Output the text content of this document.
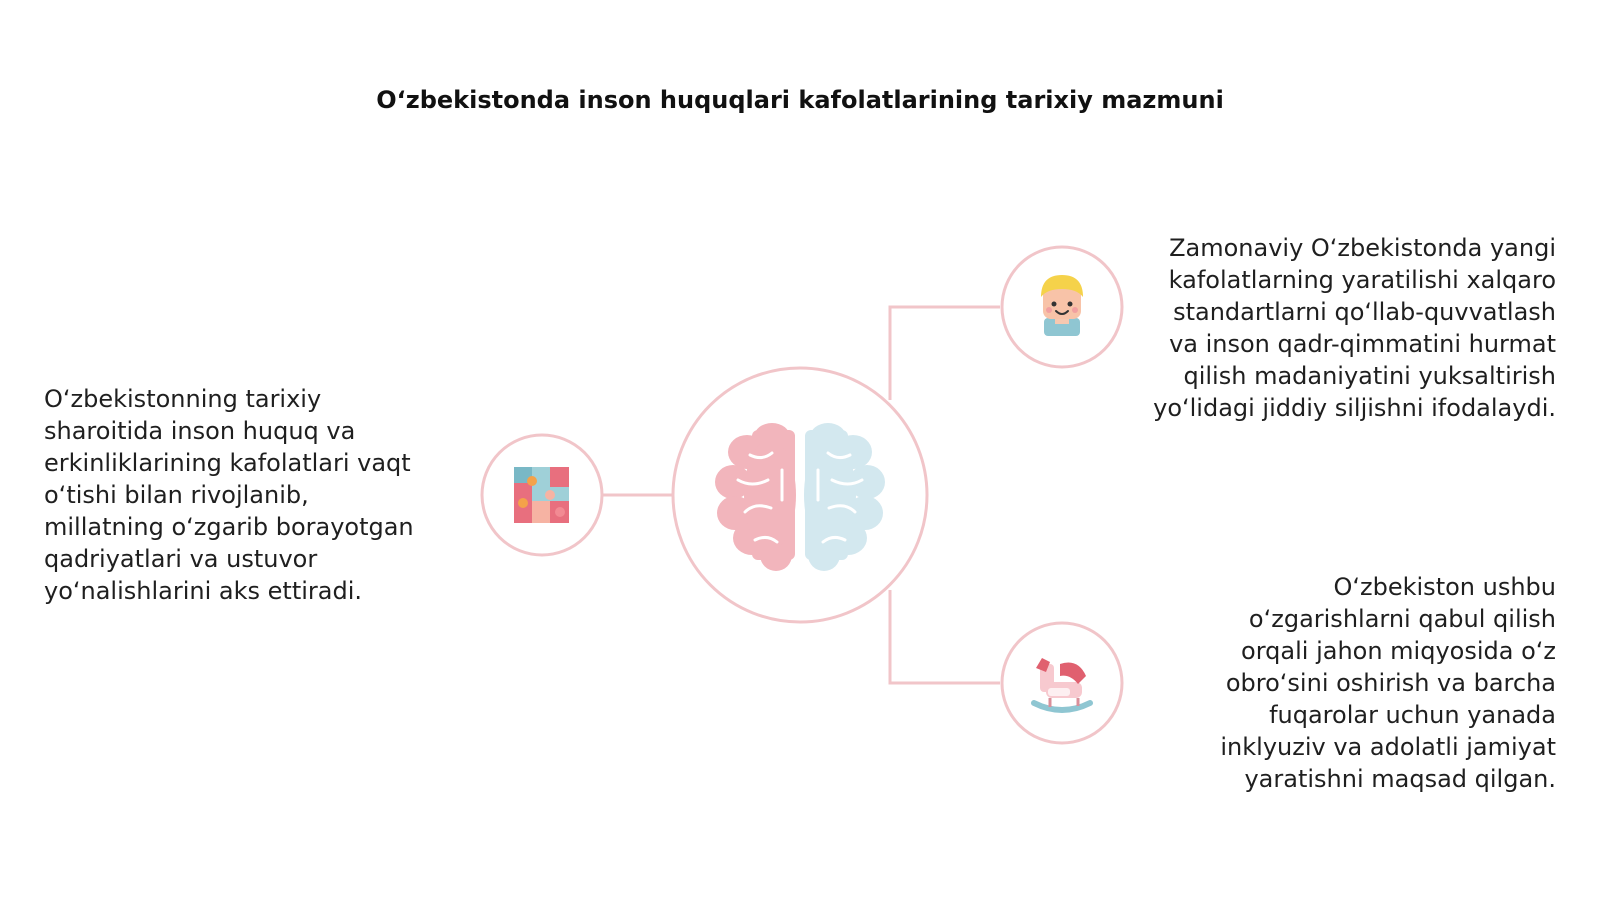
O‘zbekistonda inson huquqlari kafolatlarining tarixiy mazmuni
O‘zbekistonning tarixiy sharoitida inson huquq va erkinliklarining kafolatlari vaqt o‘tishi bilan rivojlanib, millatning o‘zgarib borayotgan qadriyatlari va ustuvor yo‘nalishlarini aks ettiradi.
Zamonaviy O‘zbekistonda yangi kafolatlarning yaratilishi xalqaro standartlarni qo‘llab-quvvatlash va inson qadr-qimmatini hurmat qilish madaniyatini yuksaltirish yo‘lidagi jiddiy siljishni ifodalaydi.
O‘zbekiston ushbu o‘zgarishlarni qabul qilish orqali jahon miqyosida o‘z obro‘sini oshirish va barcha fuqarolar uchun yanada inklyuziv va adolatli jamiyat yaratishni maqsad qilgan.
